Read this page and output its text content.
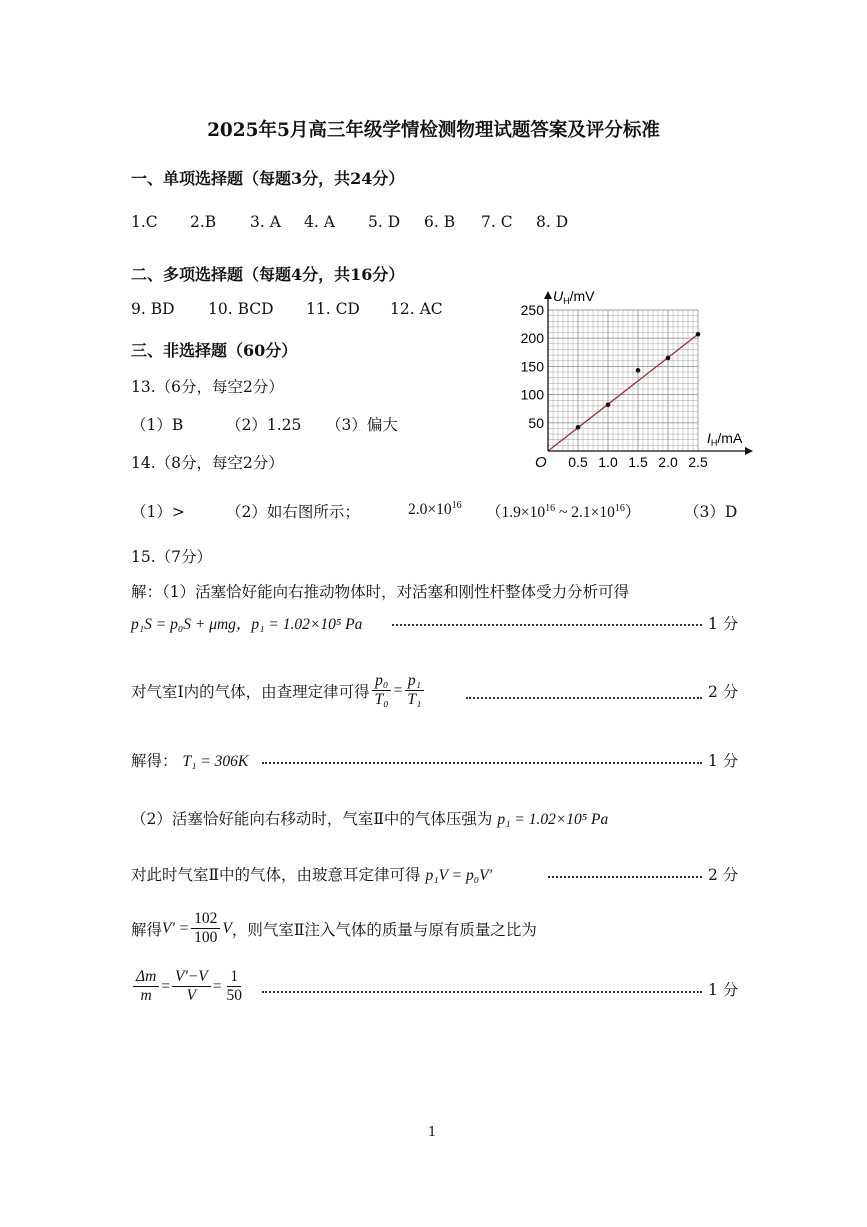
2025年5月高三年级学情检测物理试题答案及评分标准
一、单项选择题（每题3分，共24分）
1.C 2.B 3. A 4. A 5. D 6. B 7. C 8. D
二、多项选择题（每题4分，共16分）
9. BD 10. BCD 11. CD 12. AC
三、非选择题（60分）
13.（6分，每空2分）
（1）B	（2）1.25 （3）偏大
14.（8分，每空2分）
（1）>	（2）如右图所示；	$2.0\times 10^{16}$ （$1.9\times 10^{16}$ ~ $2.1\times 10^{16}$）	（3）D
0.5 1.0 1.5 2.0 2.5
50
100
150
200
250
$U_H/mV$
$I_H/mA$
O
15.（7分）
解：（1）活塞恰好能向右推动物体时，对活塞和刚性杆整体受力分析可得
p₁S = p₀S + μmg，p₁ = 1.02×10⁵ Pa	1 分
对气室Ⅰ内的气体，由查理定律可得 $\frac{\text{p₀}}{\text{T₀}} = \frac{\text{p₁}}{\text{T₁}}$	2 分
解得： T₁ = 306K	1 分
（2）活塞恰好能向右移动时，气室Ⅱ中的气体压强为 p₁ = 1.02×10⁵ Pa
对此时气室Ⅱ中的气体，由玻意耳定律可得 p₁V = p₀V'	2 分
解得 $V' = \frac{102}{100}$ V ，则气室Ⅱ注入气体的质量与原有质量之比为
$\frac{\Delta m}{m} = \frac{V'-V}{V} = \frac{1}{50}$	1 分
1
